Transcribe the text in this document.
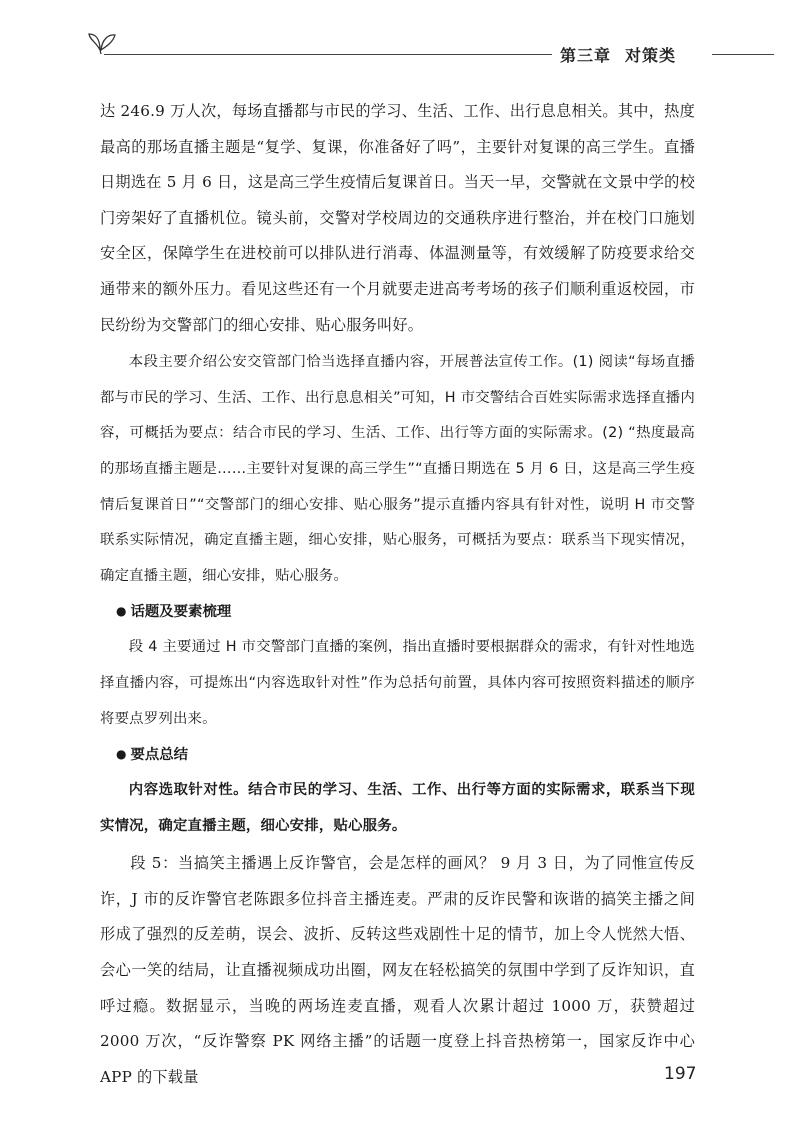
第三章 对策类

达 246.9 万人次，每场直播都与市民的学习、生活、工作、出行息息相关。其中，热度最高的那场直播主题是“复学、复课，你准备好了吗”，主要针对复课的高三学生。直播日期选在 5 月 6 日，这是高三学生疫情后复课首日。当天一早，交警就在文景中学的校门旁架好了直播机位。镜头前，交警对学校周边的交通秩序进行整治，并在校门口施划安全区，保障学生在进校前可以排队进行消毒、体温测量等，有效缓解了防疫要求给交通带来的额外压力。看见这些还有一个月就要走进高考考场的孩子们顺利重返校园，市民纷纷为交警部门的细心安排、贴心服务叫好。

本段主要介绍公安交管部门恰当选择直播内容，开展普法宣传工作。(1) 阅读“每场直播都与市民的学习、生活、工作、出行息息相关”可知，H 市交警结合百姓实际需求选择直播内容，可概括为要点：结合市民的学习、生活、工作、出行等方面的实际需求。(2) “热度最高的那场直播主题是……主要针对复课的高三学生”“直播日期选在 5 月 6 日，这是高三学生疫情后复课首日”“交警部门的细心安排、贴心服务”提示直播内容具有针对性，说明 H 市交警联系实际情况，确定直播主题，细心安排，贴心服务，可概括为要点：联系当下现实情况，确定直播主题，细心安排，贴心服务。

● 话题及要素梳理

段 4 主要通过 H 市交警部门直播的案例，指出直播时要根据群众的需求，有针对性地选择直播内容，可提炼出“内容选取针对性”作为总括句前置，具体内容可按照资料描述的顺序将要点罗列出来。

● 要点总结

内容选取针对性。结合市民的学习、生活、工作、出行等方面的实际需求，联系当下现实情况，确定直播主题，细心安排，贴心服务。

段 5：当搞笑主播遇上反诈警官，会是怎样的画风？ 9 月 3 日，为了同惟宣传反诈，J 市的反诈警官老陈跟多位抖音主播连麦。严肃的反诈民警和诙谐的搞笑主播之间形成了强烈的反差萌，误会、波折、反转这些戏剧性十足的情节，加上令人恍然大悟、会心一笑的结局，让直播视频成功出圈，网友在轻松搞笑的氛围中学到了反诈知识，直呼过瘾。数据显示，当晚的两场连麦直播，观看人次累计超过 1000 万，获赞超过 2000 万次，“反诈警察 PK 网络主播”的话题一度登上抖音热榜第一，国家反诈中心 APP 的下载量	197
